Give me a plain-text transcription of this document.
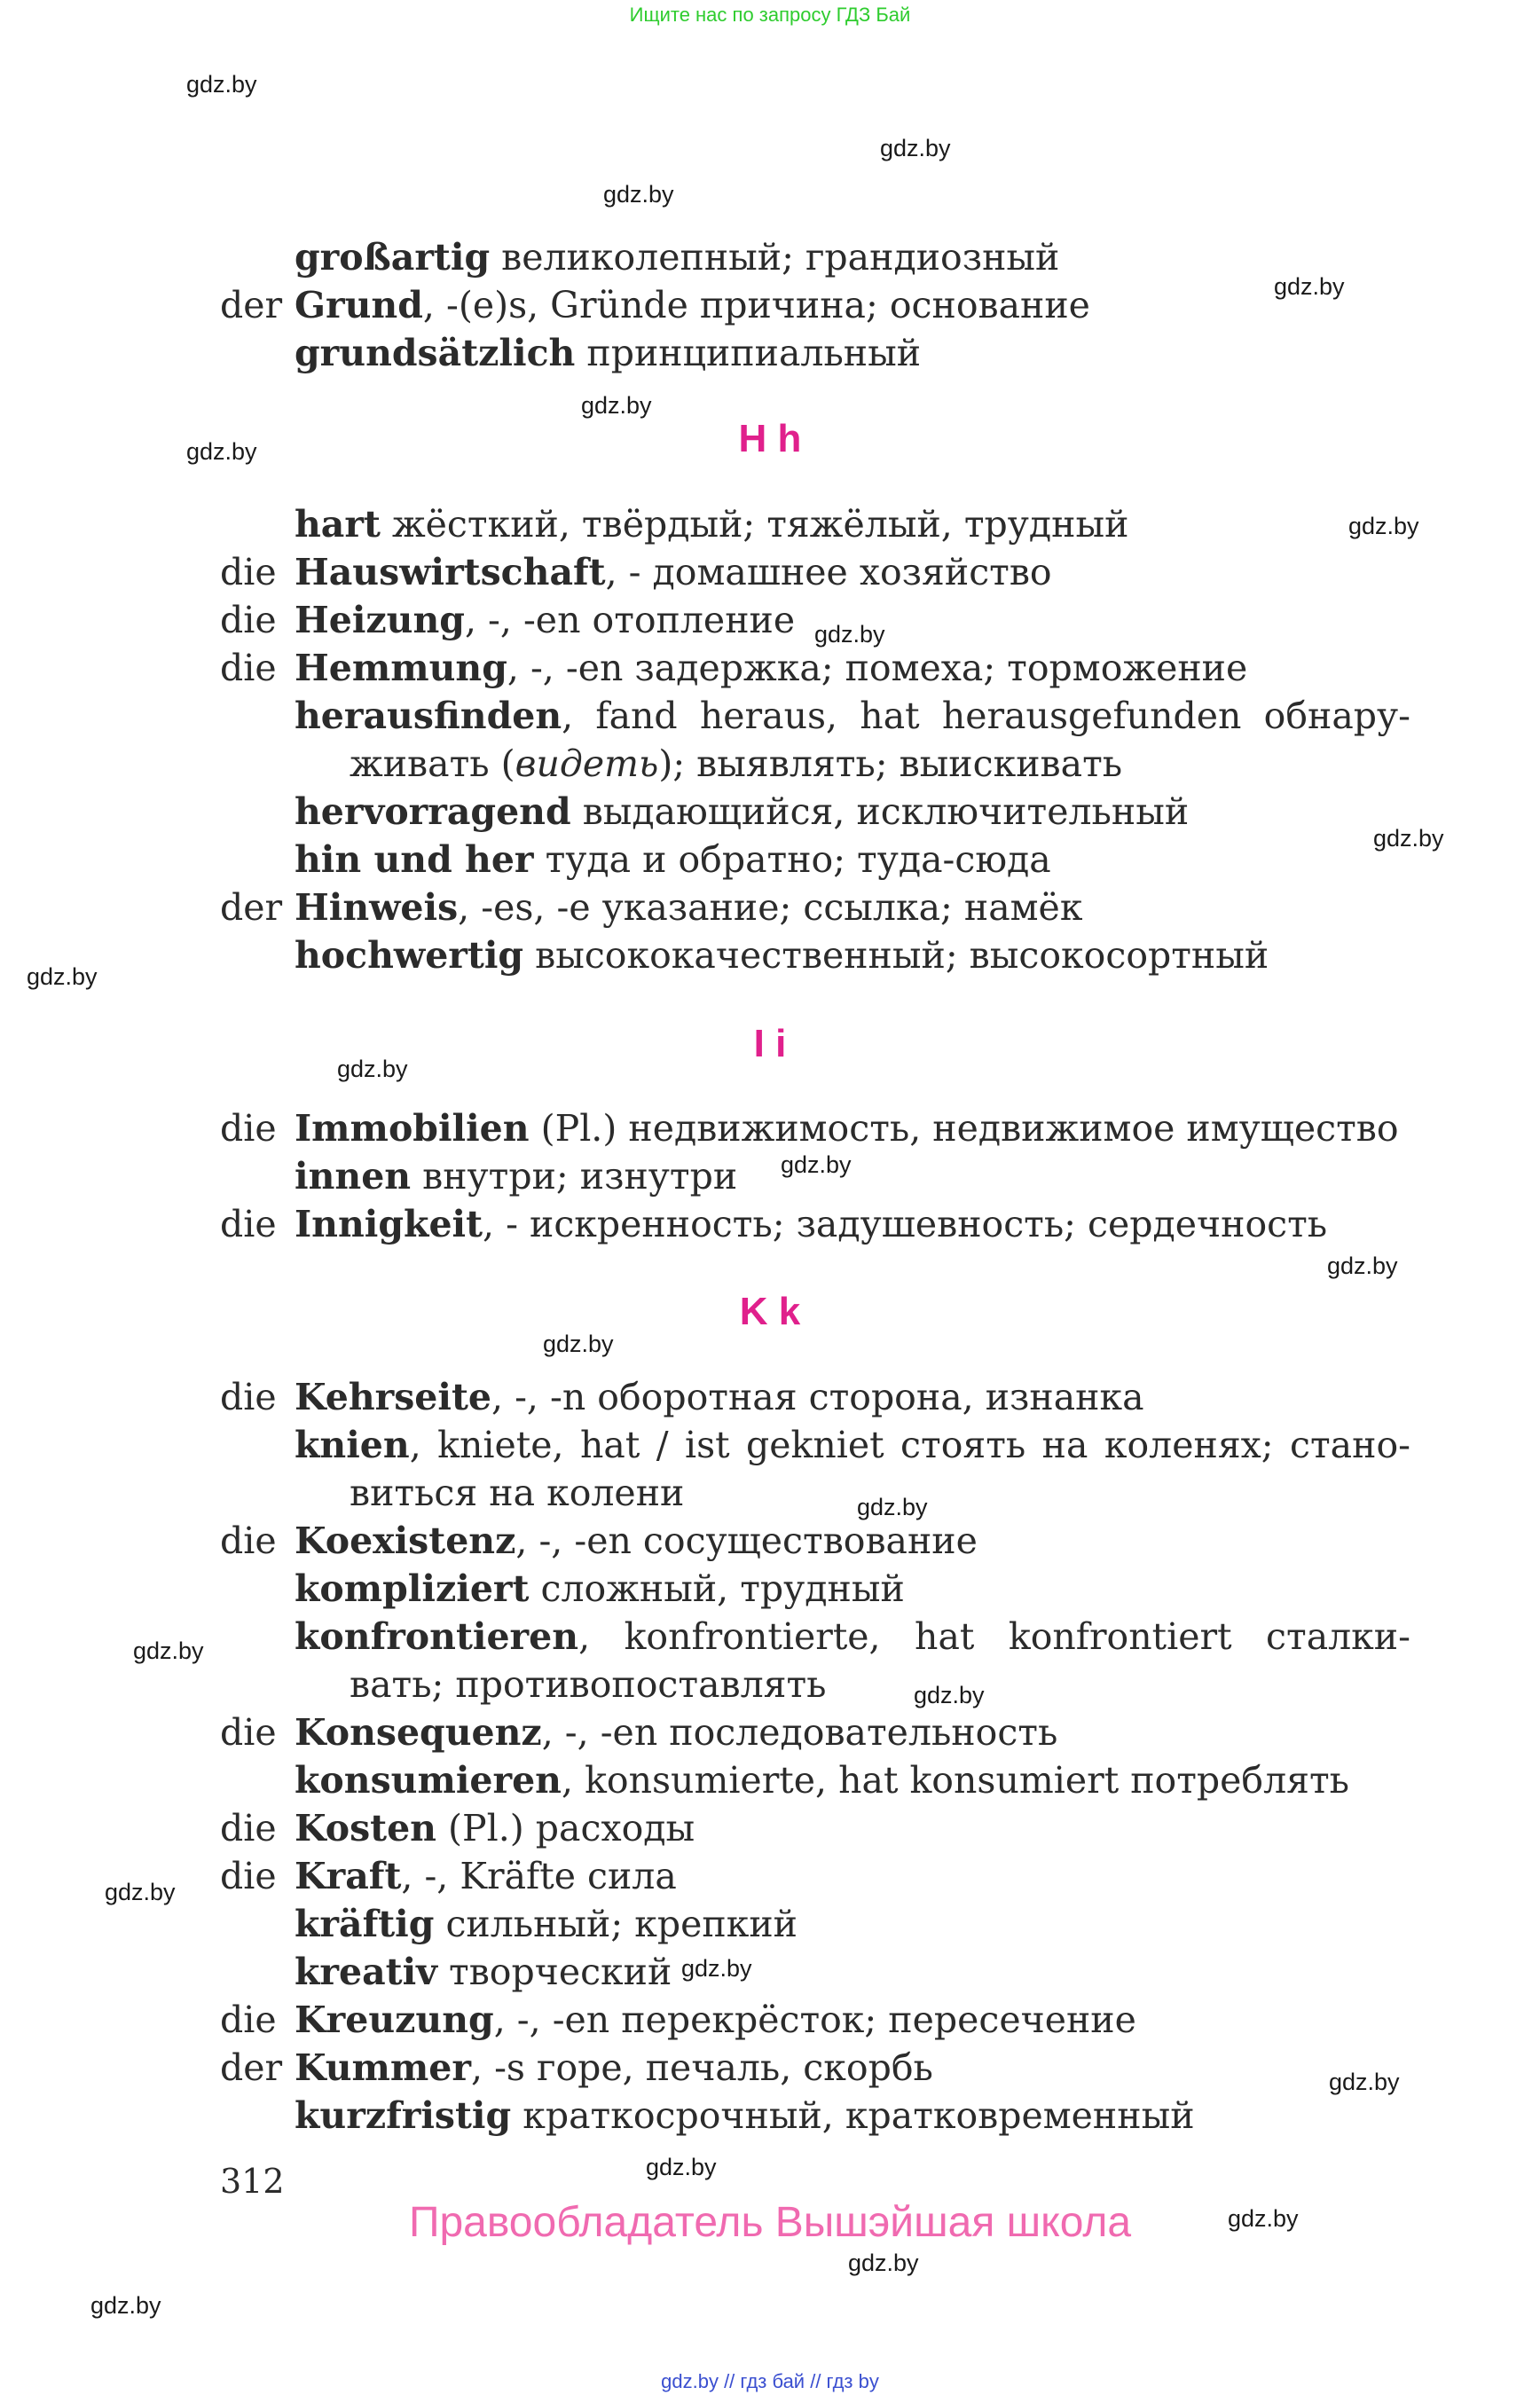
Ищите нас по запросу ГДЗ Бай
gdz.by
gdz.by
gdz.by
gdz.by
gdz.by
gdz.by
gdz.by
gdz.by
gdz.by
gdz.by
gdz.by
gdz.by
gdz.by
gdz.by
gdz.by
gdz.by
gdz.by
gdz.by
gdz.by
gdz.by
gdz.by
gdz.by
gdz.by
gdz.by
großartig великолепный; грандиозный
der Grund, -(e)s, Gründe причина; основание
grundsätzlich принципиальный
H h
hart жёсткий, твёрдый; тяжёлый, трудный
die Hauswirtschaft, - домашнее хозяйство
die Heizung, -, -en отопление
die Hemmung, -, -en задержка; помеха; торможение
herausfinden, fand heraus, hat herausgefunden обнару-
живать (видеть); выявлять; выискивать
hervorragend выдающийся, исключительный
hin und her туда и обратно; туда-сюда
der Hinweis, -es, -e указание; ссылка; намёк
hochwertig высококачественный; высокосортный
I i
die Immobilien (Pl.) недвижимость, недвижимое имущество
innen внутри; изнутри
die Innigkeit, - искренность; задушевность; сердечность
K k
die Kehrseite, -, -n оборотная сторона, изнанка
knien, kniete, hat / ist gekniet стоять на коленях; стано-
виться на колени
die Koexistenz, -, -en сосуществование
kompliziert сложный, трудный
konfrontieren, konfrontierte, hat konfrontiert сталки-
вать; противопоставлять
die Konsequenz, -, -en последовательность
konsumieren, konsumierte, hat konsumiert потреблять
die Kosten (Pl.) расходы
die Kraft, -, Kräfte сила
kräftig сильный; крепкий
kreativ творческий
die Kreuzung, -, -en перекрёсток; пересечение
der Kummer, -s горе, печаль, скорбь
kurzfristig краткосрочный, кратковременный
312
Правообладатель Вышэйшая школа
gdz.by // гдз бай // гдз by
